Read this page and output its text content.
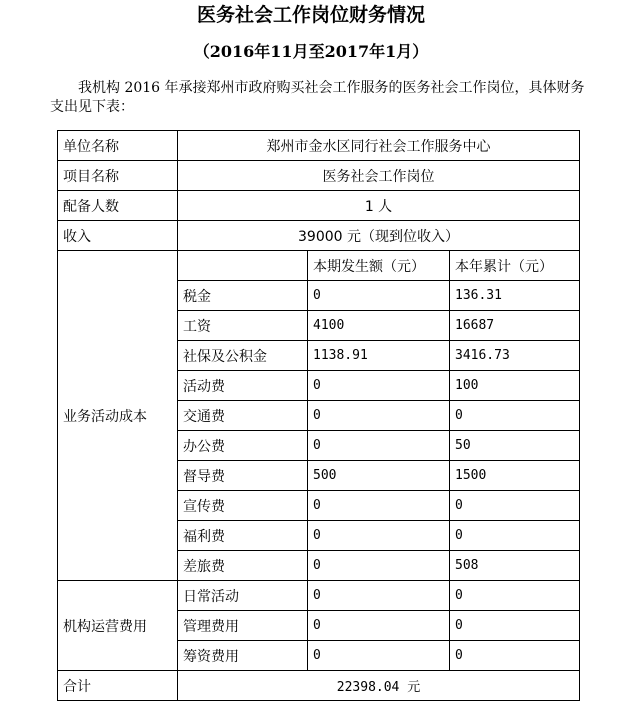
医务社会工作岗位财务情况
（2016年11月至2017年1月）
我机构 2016 年承接郑州市政府购买社会工作服务的医务社会工作岗位，具体财务支出见下表：
单位名称	郑州市金水区同行社会工作服务中心		
项目名称	医务社会工作岗位		
配备人数	1 人		
收入	39000 元（现到位收入）		
业务活动成本		本期发生额（元）	本年累计（元）
	税金	0	136.31
	工资	4100	16687
	社保及公积金	1138.91	3416.73
	活动费	0	100
	交通费	0	0
	办公费	0	50
	督导费	500	1500
	宣传费	0	0
	福利费	0	0
	差旅费	0	508
机构运营费用	日常活动	0	0
	管理费用	0	0
	筹资费用	0	0
合计	22398.04 元		
